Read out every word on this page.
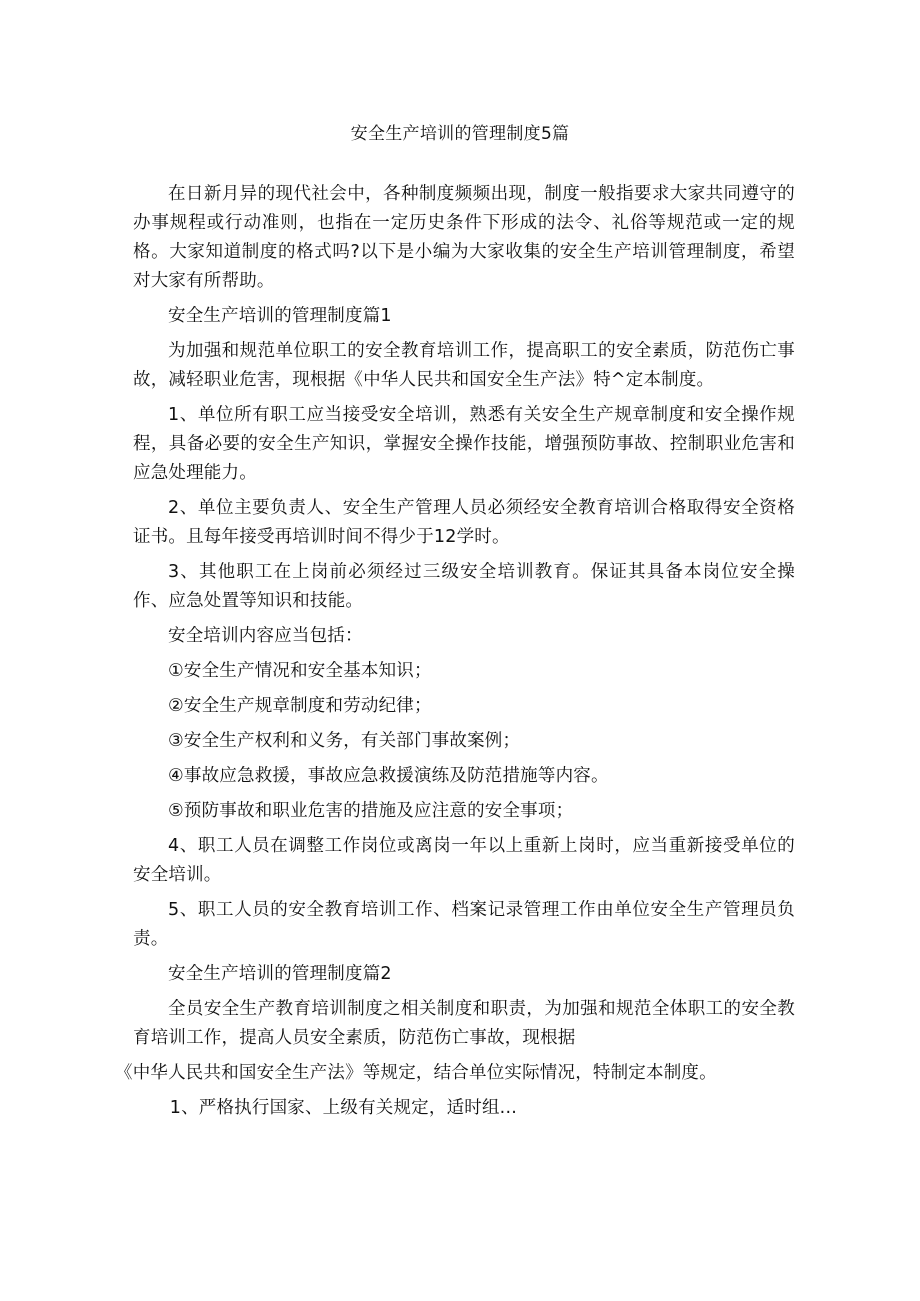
安全生产培训的管理制度5篇

在日新月异的现代社会中，各种制度频频出现，制度一般指要求大家共同遵守的办事规程或行动准则，也指在一定历史条件下形成的法令、礼俗等规范或一定的规格。大家知道制度的格式吗?以下是小编为大家收集的安全生产培训管理制度，希望对大家有所帮助。

安全生产培训的管理制度篇1

为加强和规范单位职工的安全教育培训工作，提高职工的安全素质，防范伤亡事故，减轻职业危害，现根据《中华人民共和国安全生产法》特^定本制度。

1、单位所有职工应当接受安全培训，熟悉有关安全生产规章制度和安全操作规程，具备必要的安全生产知识，掌握安全操作技能，增强预防事故、控制职业危害和应急处理能力。

2、单位主要负责人、安全生产管理人员必须经安全教育培训合格取得安全资格证书。且每年接受再培训时间不得少于12学时。

3、其他职工在上岗前必须经过三级安全培训教育。保证其具备本岗位安全操作、应急处置等知识和技能。

安全培训内容应当包括：

①安全生产情况和安全基本知识；

②安全生产规章制度和劳动纪律；

③安全生产权利和义务，有关部门事故案例；

④事故应急救援，事故应急救援演练及防范措施等内容。

⑤预防事故和职业危害的措施及应注意的安全事项；

4、职工人员在调整工作岗位或离岗一年以上重新上岗时，应当重新接受单位的安全培训。

5、职工人员的安全教育培训工作、档案记录管理工作由单位安全生产管理员负责。

安全生产培训的管理制度篇2

全员安全生产教育培训制度之相关制度和职责，为加强和规范全体职工的安全教育培训工作，提高人员安全素质，防范伤亡事故，现根据

《中华人民共和国安全生产法》等规定，结合单位实际情况，特制定本制度。

1、严格执行国家、上级有关规定，适时组...
